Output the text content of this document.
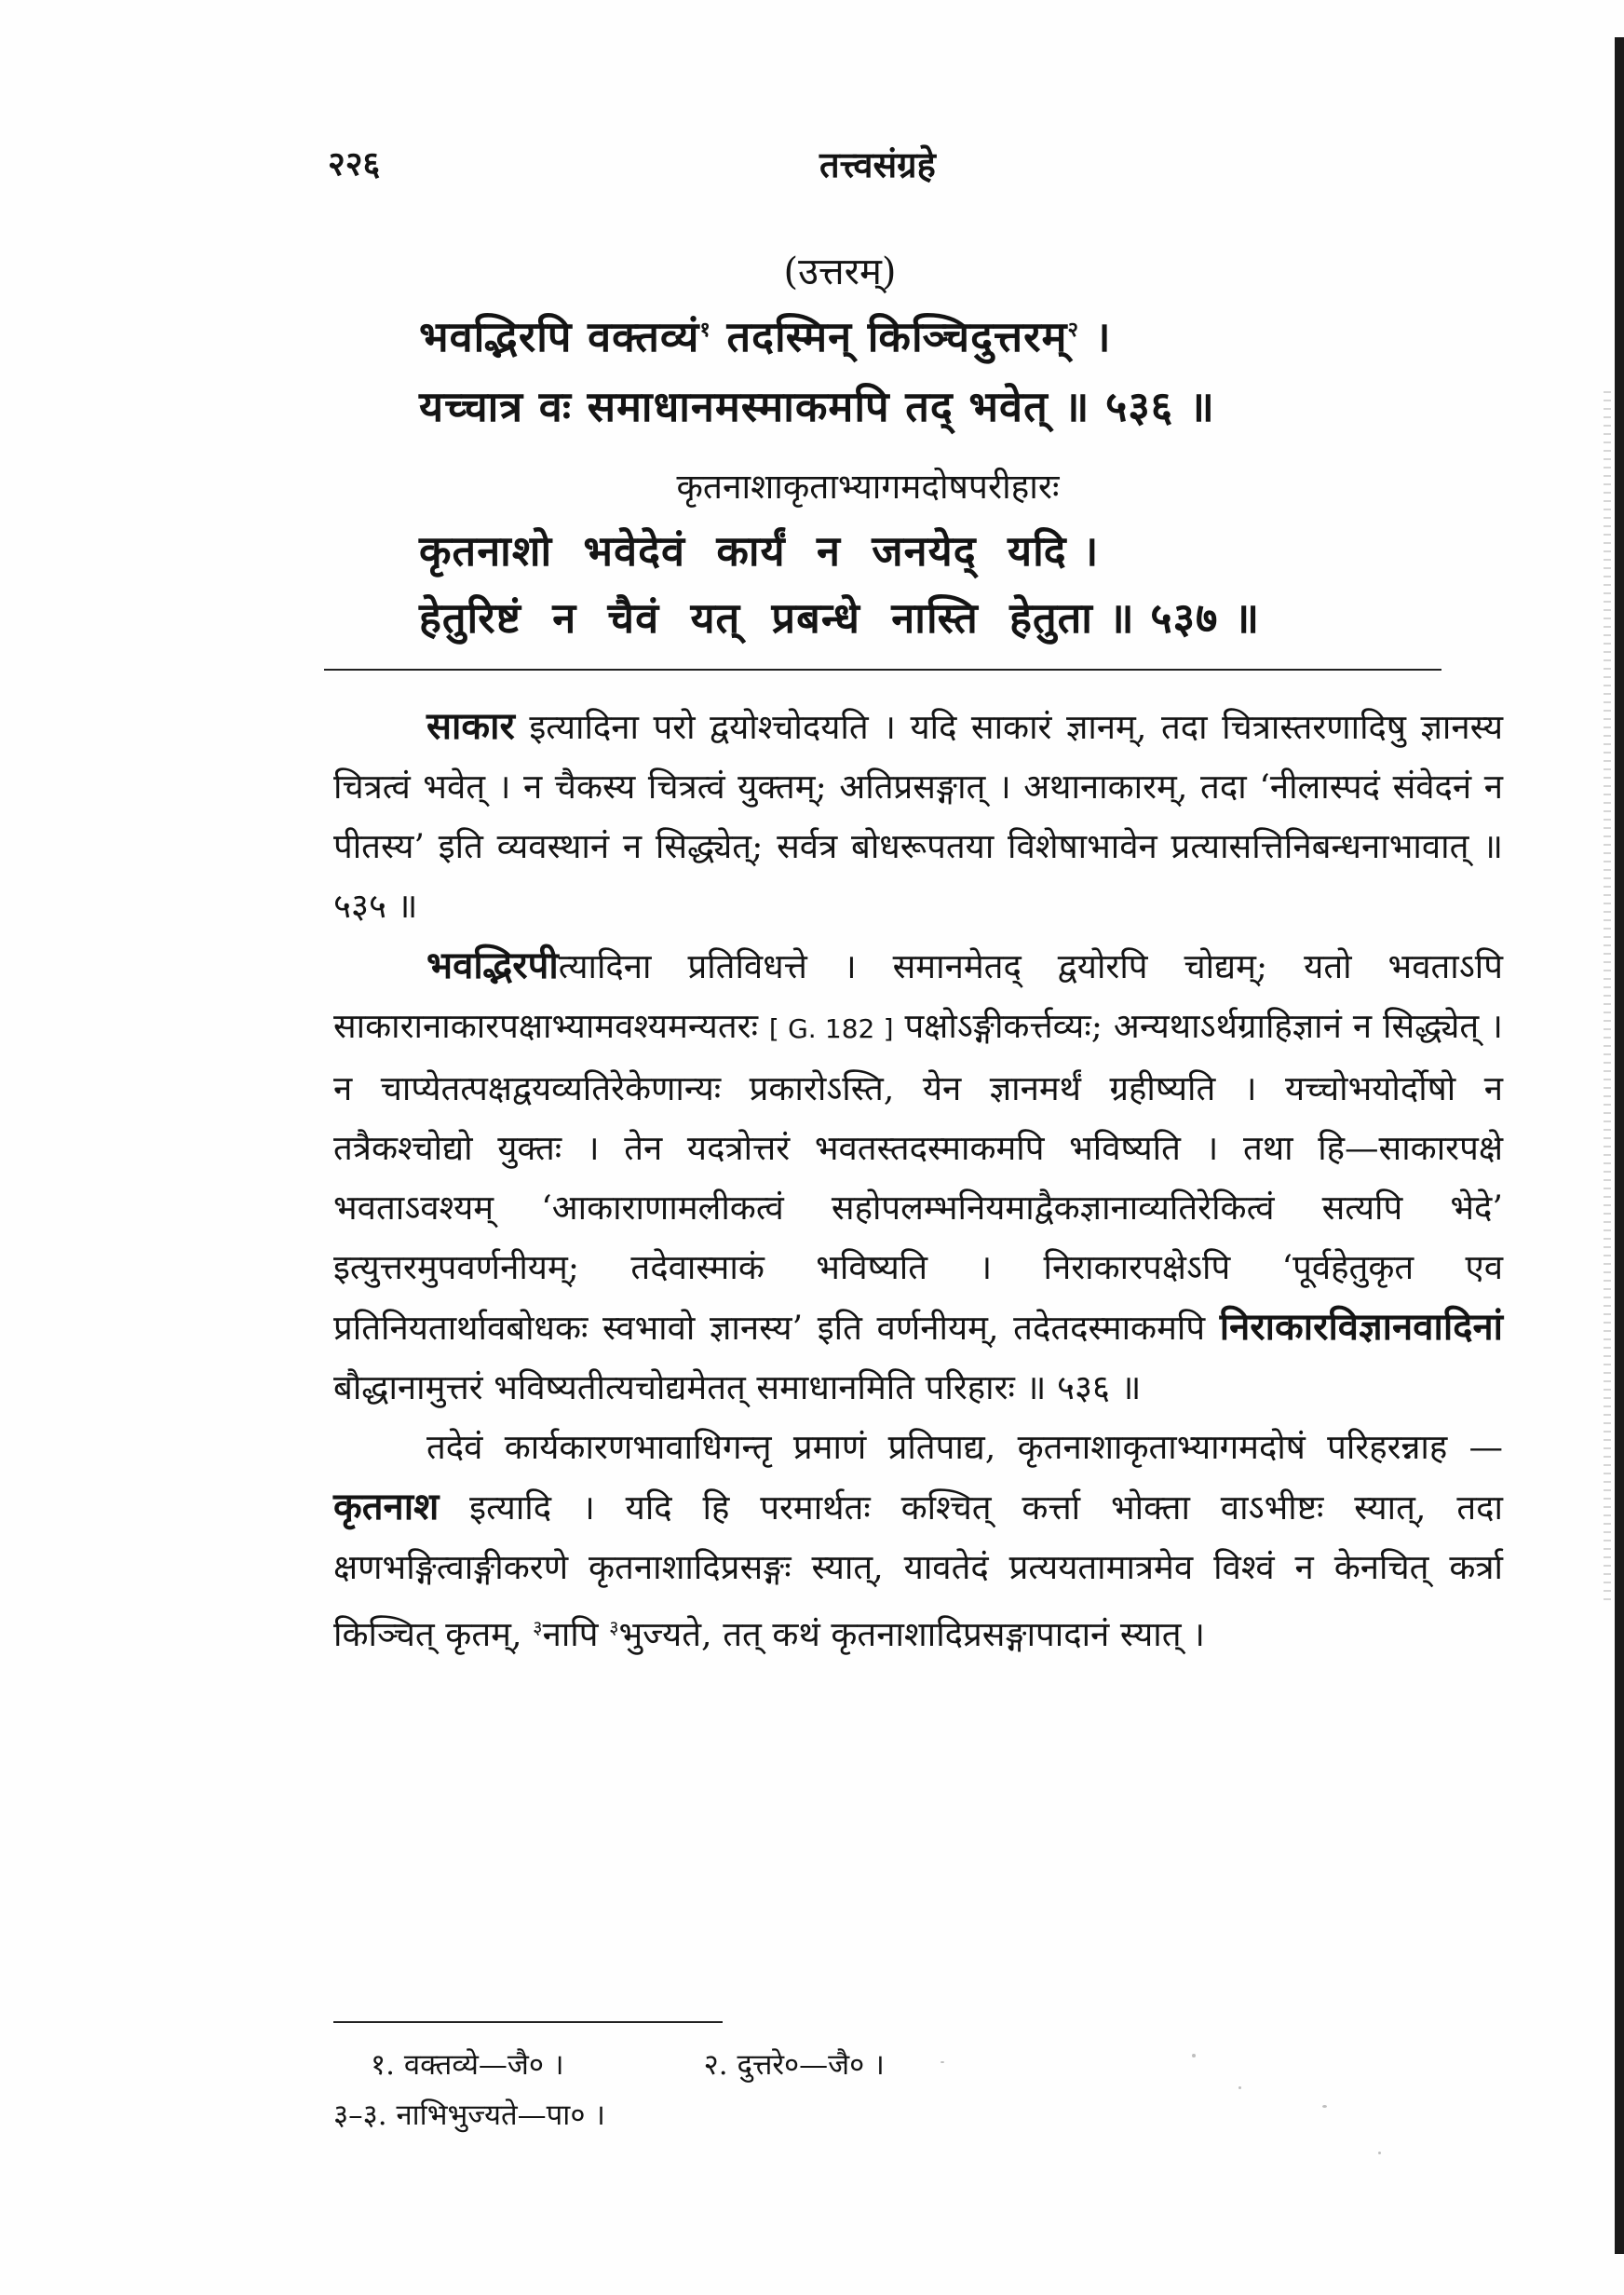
२२६	तत्त्वसंग्रहे
(उत्तरम्)
भवद्भिरपि वक्तव्यं$^१$ तदस्मिन् किञ्चिदुत्तरम्$^२$ ।
यच्चात्र वः समाधानमस्माकमपि तद् भवेत् ॥ ५३६ ॥
कृतनाशाकृताभ्यागमदोषपरीहारः
कृतनाशो  भवेदेवं  कार्यं  न  जनयेद्  यदि ।
हेतुरिष्टं  न  चैवं  यत्  प्रबन्धे  नास्ति  हेतुता ॥ ५३७ ॥

साकार इत्यादिना परो द्वयोश्चोदयति । यदि साकारं ज्ञानम्, तदा चित्रास्तरणादिषु ज्ञानस्य चित्रत्वं भवेत् । न चैकस्य चित्रत्वं युक्तम्; अतिप्रसङ्गात् । अथानाकारम्, तदा ‘नीलास्पदं संवेदनं न पीतस्य’ इति व्यवस्थानं न सिद्ध्येत्; सर्वत्र बोधरूपतया विशेषाभावेन प्रत्यासत्तिनिबन्धनाभावात् ॥ ५३५ ॥

भवद्भिरपीत्यादिना प्रतिविधत्ते । समानमेतद् द्वयोरपि चोद्यम्; यतो भवताऽपि साकारानाकारपक्षाभ्यामवश्यमन्यतरः [ G. 182 ] पक्षोऽङ्गीकर्त्तव्यः; अन्यथाऽर्थग्राहिज्ञानं न सिद्ध्येत् । न चाप्येतत्पक्षद्वयव्यतिरेकेणान्यः प्रकारोऽस्ति, येन ज्ञानमर्थं ग्रहीष्यति । यच्चोभयोर्दोषो न तत्रैकश्चोद्यो युक्तः । तेन यदत्रोत्तरं भवतस्तदस्माकमपि भविष्यति । तथा हि—साकारपक्षे भवताऽवश्यम् ‘आकाराणामलीकत्वं सहोपलम्भनियमाद्वैकज्ञानाव्यतिरेकित्वं सत्यपि भेदे’ इत्युत्तरमुपवर्णनीयम्; तदेवास्माकं भविष्यति । निराकारपक्षेऽपि ‘पूर्वहेतुकृत एव प्रतिनियतार्थावबोधकः स्वभावो ज्ञानस्य’ इति वर्णनीयम्, तदेतदस्माकमपि निराकारविज्ञानवादिनां बौद्धानामुत्तरं भविष्यतीत्यचोद्यमेतत् समाधानमिति परिहारः ॥ ५३६ ॥

तदेवं कार्यकारणभावाधिगन्तृ प्रमाणं प्रतिपाद्य, कृतनाशाकृताभ्यागमदोषं परिहरन्नाह — कृतनाश इत्यादि । यदि हि परमार्थतः कश्चित् कर्त्ता भोक्ता वाऽभीष्टः स्यात्, तदा क्षणभङ्गित्वाङ्गीकरणे कृतनाशादिप्रसङ्गः स्यात्, यावतेदं प्रत्ययतामात्रमेव विश्वं न केनचित् कर्त्रा किञ्चित् कृतम्, $^३$नापि $^३$भुज्यते, तत् कथं कृतनाशादिप्रसङ्गापादानं स्यात् ।

१. वक्तव्ये—जै० ।	२. दुत्तरे०—जै० ।
३–३. नाभिभुज्यते—पा० ।
